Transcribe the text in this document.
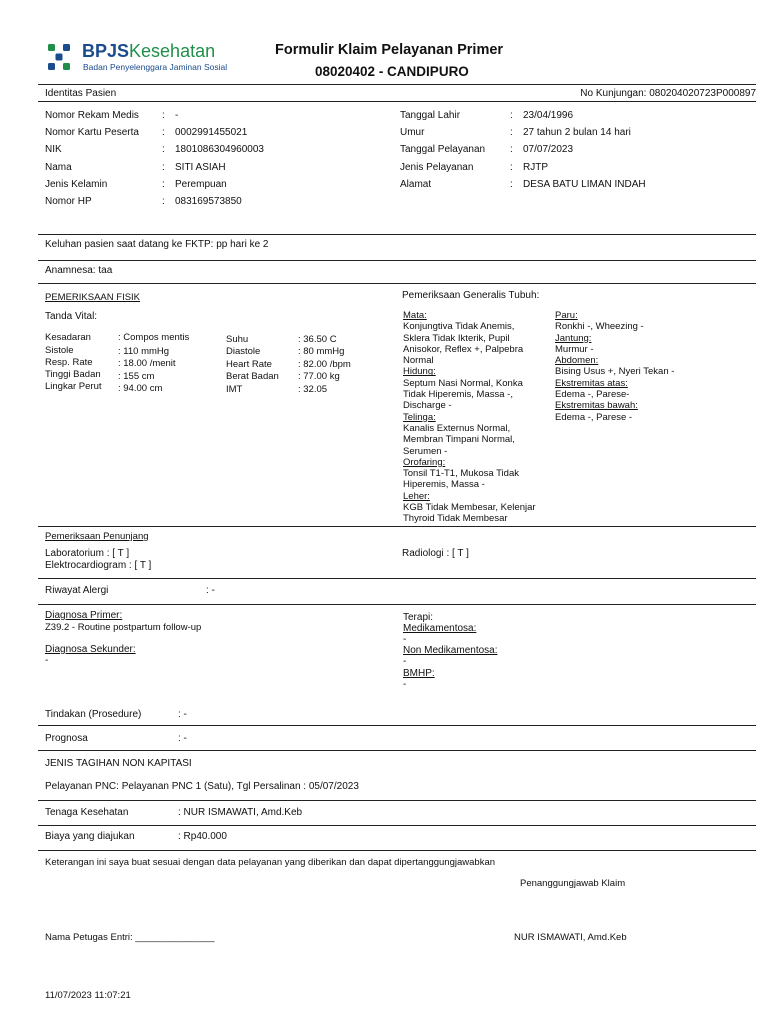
BPJSKesehatan
Badan Penyelenggara Jaminan Sosial
Formulir Klaim Pelayanan Primer
08020402 - CANDIPURO
Identitas Pasien	No Kunjungan: 080204020723P000897
Nomor Rekam Medis : -
Nomor Kartu Peserta : 0002991455021
NIK	: 1801086304960003
Nama	: SITI ASIAH
Jenis Kelamin	: Perempuan
Nomor HP	: 083169573850
Tanggal Lahir	: 23/04/1996
Umur	: 27 tahun 2 bulan 14 hari
Tanggal Pelayanan : 07/07/2023
Jenis Pelayanan	: RJTP
Alamat	: DESA BATU LIMAN INDAH
Keluhan pasien saat datang ke FKTP: pp hari ke 2
Anamnesa: taa
PEMERIKSAAN FISIK
Tanda Vital:
Kesadaran	: Compos mentis
Sistole	: 110 mmHg
Resp. Rate	: 18.00 /menit
Tinggi Badan : 155 cm
Lingkar Perut : 94.00 cm
Suhu	: 36.50 C
Diastole	: 80 mmHg
Heart Rate	: 82.00 /bpm
Berat Badan : 77.00 kg
IMT	: 32.05
Pemeriksaan Generalis Tubuh:
Mata:
Konjungtiva Tidak Anemis,
Sklera Tidak Ikterik, Pupil
Anisokor, Reflex +, Palpebra
Normal
Hidung:
Septum Nasi Normal, Konka
Tidak Hiperemis, Massa -,
Discharge -
Telinga:
Kanalis Externus Normal,
Membran Timpani Normal,
Serumen -
Orofaring:
Tonsil T1-T1, Mukosa Tidak
Hiperemis, Massa -
Leher:
KGB Tidak Membesar, Kelenjar
Thyroid Tidak Membesar
Paru:
Ronkhi -, Wheezing -
Jantung:
Murmur -
Abdomen:
Bising Usus +, Nyeri Tekan -
Ekstremitas atas:
Edema -, Parese-
Ekstremitas bawah:
Edema -, Parese -
Pemeriksaan Penunjang
Laboratorium : [ T ]
Elektrocardiogram : [ T ]
Radiologi : [ T ]
Riwayat Alergi	: -
Diagnosa Primer:
Z39.2 - Routine postpartum follow-up
Diagnosa Sekunder:
-
Terapi:
Medikamentosa:
-
Non Medikamentosa:
-
BMHP:
-
Tindakan (Prosedure)	: -
Prognosa	: -
JENIS TAGIHAN NON KAPITASI
Pelayanan PNC: Pelayanan PNC 1 (Satu), Tgl Persalinan : 05/07/2023
Tenaga Kesehatan	: NUR ISMAWATI, Amd.Keb
Biaya yang diajukan	: Rp40.000
Keterangan ini saya buat sesuai dengan data pelayanan yang diberikan dan dapat dipertanggungjawabkan
Penanggungjawab Klaim
Nama Petugas Entri: _______________	NUR ISMAWATI, Amd.Keb
11/07/2023 11:07:21
